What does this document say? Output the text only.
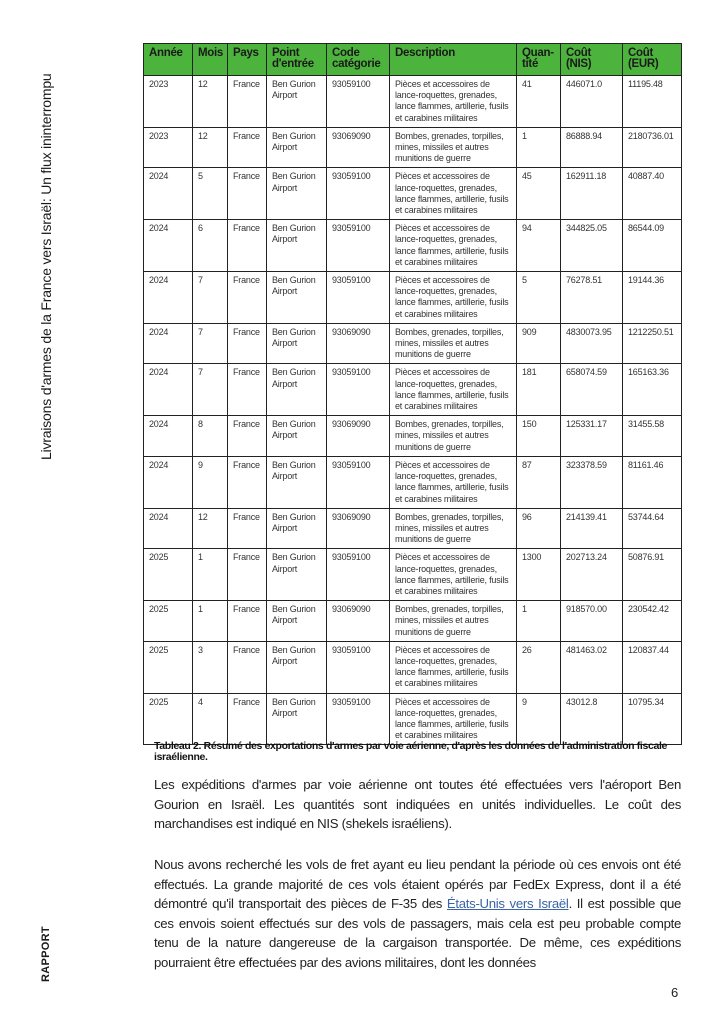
Livraisons d'armes de la France vers Israël: Un flux ininterrompu
RAPPORT
Année	Mois	Pays	Point d'entrée	Code catégorie	Description	Quan-tité	Coût (NIS)	Coût (EUR)
2023	12	France	Ben Gurion Airport	93059100	Pièces et accessoires de lance-roquettes, grenades, lance flammes, artillerie, fusils et carabines militaires	41	446071.0	11195.48
2023	12	France	Ben Gurion Airport	93069090	Bombes, grenades, torpilles, mines, missiles et autres munitions de guerre	1	86888.94	2180736.01
2024	5	France	Ben Gurion Airport	93059100	Pièces et accessoires de lance-roquettes, grenades, lance flammes, artillerie, fusils et carabines militaires	45	162911.18	40887.40
2024	6	France	Ben Gurion Airport	93059100	Pièces et accessoires de lance-roquettes, grenades, lance flammes, artillerie, fusils et carabines militaires	94	344825.05	86544.09
2024	7	France	Ben Gurion Airport	93059100	Pièces et accessoires de lance-roquettes, grenades, lance flammes, artillerie, fusils et carabines militaires	5	76278.51	19144.36
2024	7	France	Ben Gurion Airport	93069090	Bombes, grenades, torpilles, mines, missiles et autres munitions de guerre	909	4830073.95	1212250.51
2024	7	France	Ben Gurion Airport	93059100	Pièces et accessoires de lance-roquettes, grenades, lance flammes, artillerie, fusils et carabines militaires	181	658074.59	165163.36
2024	8	France	Ben Gurion Airport	93069090	Bombes, grenades, torpilles, mines, missiles et autres munitions de guerre	150	125331.17	31455.58
2024	9	France	Ben Gurion Airport	93059100	Pièces et accessoires de lance-roquettes, grenades, lance flammes, artillerie, fusils et carabines militaires	87	323378.59	81161.46
2024	12	France	Ben Gurion Airport	93069090	Bombes, grenades, torpilles, mines, missiles et autres munitions de guerre	96	214139.41	53744.64
2025	1	France	Ben Gurion Airport	93059100	Pièces et accessoires de lance-roquettes, grenades, lance flammes, artillerie, fusils et carabines militaires	1300	202713.24	50876.91
2025	1	France	Ben Gurion Airport	93069090	Bombes, grenades, torpilles, mines, missiles et autres munitions de guerre	1	918570.00	230542.42
2025	3	France	Ben Gurion Airport	93059100	Pièces et accessoires de lance-roquettes, grenades, lance flammes, artillerie, fusils et carabines militaires	26	481463.02	120837.44
2025	4	France	Ben Gurion Airport	93059100	Pièces et accessoires de lance-roquettes, grenades, lance flammes, artillerie, fusils et carabines militaires	9	43012.8	10795.34
Tableau 2. Résumé des exportations d'armes par voie aérienne, d'après les données de l'administration fiscale israélienne.

Les expéditions d'armes par voie aérienne ont toutes été effectuées vers l'aéroport Ben Gourion en Israël. Les quantités sont indiquées en unités individuelles. Le coût des marchandises est indiqué en NIS (shekels israéliens).

Nous avons recherché les vols de fret ayant eu lieu pendant la période où ces envois ont été effectués. La grande majorité de ces vols étaient opérés par FedEx Express, dont il a été démontré qu'il transportait des pièces de F-35 des États-Unis vers Israël. Il est possible que ces envois soient effectués sur des vols de passagers, mais cela est peu probable compte tenu de la nature dangereuse de la cargaison transportée. De même, ces expéditions pourraient être effectuées par des avions militaires, dont les données

6
